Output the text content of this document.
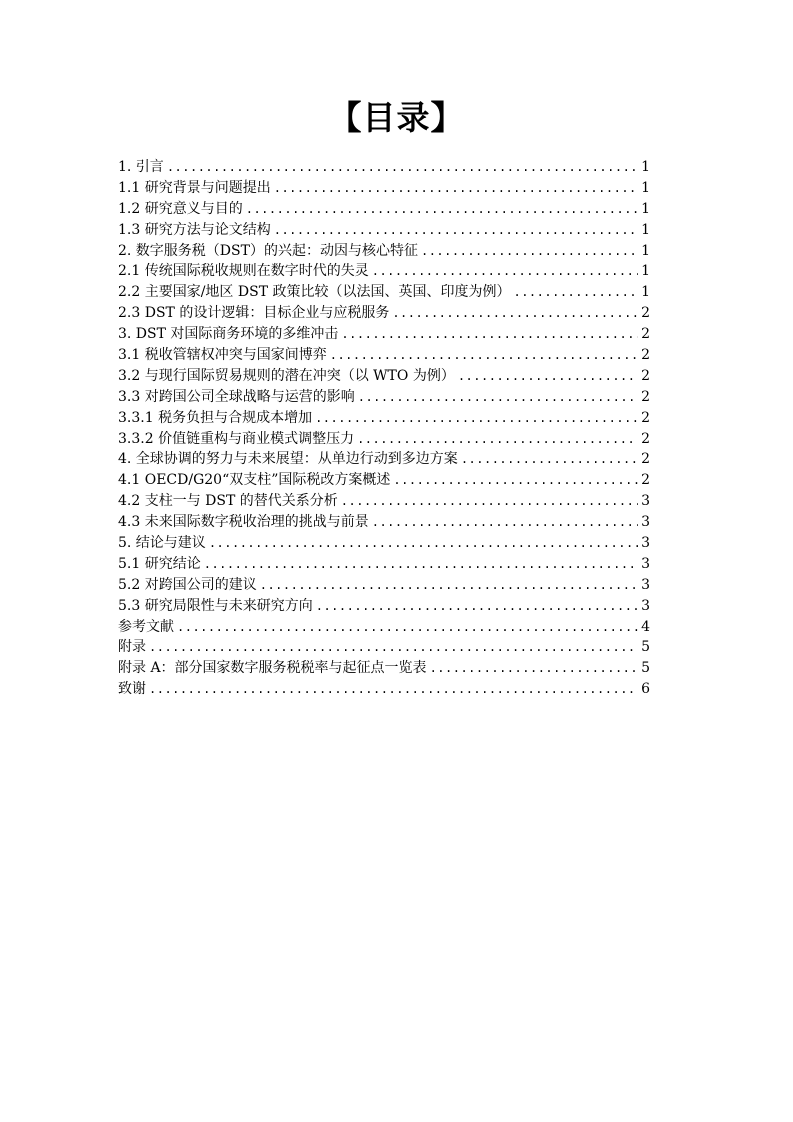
【目录】
1. 引言 .....	1
1.1 研究背景与问题提出 .....	1
1.2 研究意义与目的 .....	1
1.3 研究方法与论文结构 .....	1
2. 数字服务税（DST）的兴起：动因与核心特征 .....	1
2.1 传统国际税收规则在数字时代的失灵 .....	1
2.2 主要国家/地区 DST 政策比较（以法国、英国、印度为例） .....	1
2.3 DST 的设计逻辑：目标企业与应税服务 .....	2
3. DST 对国际商务环境的多维冲击 .....	2
3.1 税收管辖权冲突与国家间博弈 .....	2
3.2 与现行国际贸易规则的潜在冲突（以 WTO 为例） .....	2
3.3 对跨国公司全球战略与运营的影响 .....	2
3.3.1 税务负担与合规成本增加 .....	2
3.3.2 价值链重构与商业模式调整压力 .....	2
4. 全球协调的努力与未来展望：从单边行动到多边方案 .....	2
4.1 OECD/G20“双支柱”国际税改方案概述 .....	2
4.2 支柱一与 DST 的替代关系分析 .....	3
4.3 未来国际数字税收治理的挑战与前景 .....	3
5. 结论与建议 .....	3
5.1 研究结论 .....	3
5.2 对跨国公司的建议 .....	3
5.3 研究局限性与未来研究方向 .....	3
参考文献 .....	4
附录 .....	5
附录 A：部分国家数字服务税税率与起征点一览表 .....	5
致谢 .....	6
